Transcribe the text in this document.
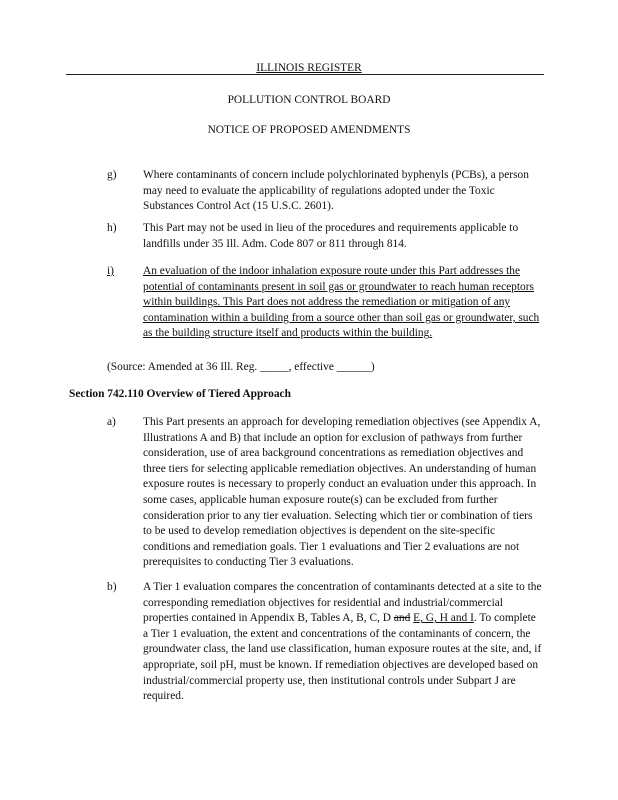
ILLINOIS REGISTER
POLLUTION CONTROL BOARD
NOTICE OF PROPOSED AMENDMENTS
g) Where contaminants of concern include polychlorinated byphenyls (PCBs), a person may need to evaluate the applicability of regulations adopted under the Toxic Substances Control Act (15 U.S.C. 2601).
h) This Part may not be used in lieu of the procedures and requirements applicable to landfills under 35 Ill. Adm. Code 807 or 811 through 814.
i)	An evaluation of the indoor inhalation exposure route under this Part addresses the potential of contaminants present in soil gas or groundwater to reach human receptors within buildings. This Part does not address the remediation or mitigation of any contamination within a building from a source other than soil gas or groundwater, such as the building structure itself and products within the building.
(Source: Amended at 36 Ill. Reg. _____, effective ______)
Section 742.110 Overview of Tiered Approach
a) This Part presents an approach for developing remediation objectives (see Appendix A, Illustrations A and B) that include an option for exclusion of pathways from further consideration, use of area background concentrations as remediation objectives and three tiers for selecting applicable remediation objectives. An understanding of human exposure routes is necessary to properly conduct an evaluation under this approach. In some cases, applicable human exposure route(s) can be excluded from further consideration prior to any tier evaluation. Selecting which tier or combination of tiers to be used to develop remediation objectives is dependent on the site-specific conditions and remediation goals. Tier 1 evaluations and Tier 2 evaluations are not prerequisites to conducting Tier 3 evaluations.
b) A Tier 1 evaluation compares the concentration of contaminants detected at a site to the corresponding remediation objectives for residential and industrial/commercial properties contained in Appendix B, Tables A, B, C, D and E, G, H and I. To complete a Tier 1 evaluation, the extent and concentrations of the contaminants of concern, the groundwater class, the land use classification, human exposure routes at the site, and, if appropriate, soil pH, must be known. If remediation objectives are developed based on industrial/commercial property use, then institutional controls under Subpart J are required.
